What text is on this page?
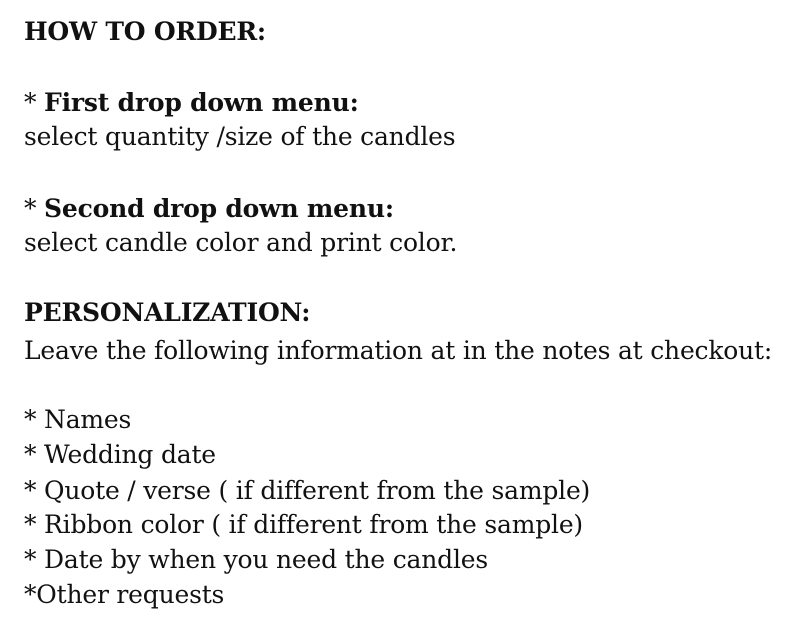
HOW TO ORDER:
* First drop down menu:
select quantity /size of the candles
* Second drop down menu:
select candle color and print color.
PERSONALIZATION:
Leave the following information at in the notes at checkout:
* Names
* Wedding date
* Quote / verse ( if different from the sample)
* Ribbon color ( if different from the sample)
* Date by when you need the candles
*Other requests
